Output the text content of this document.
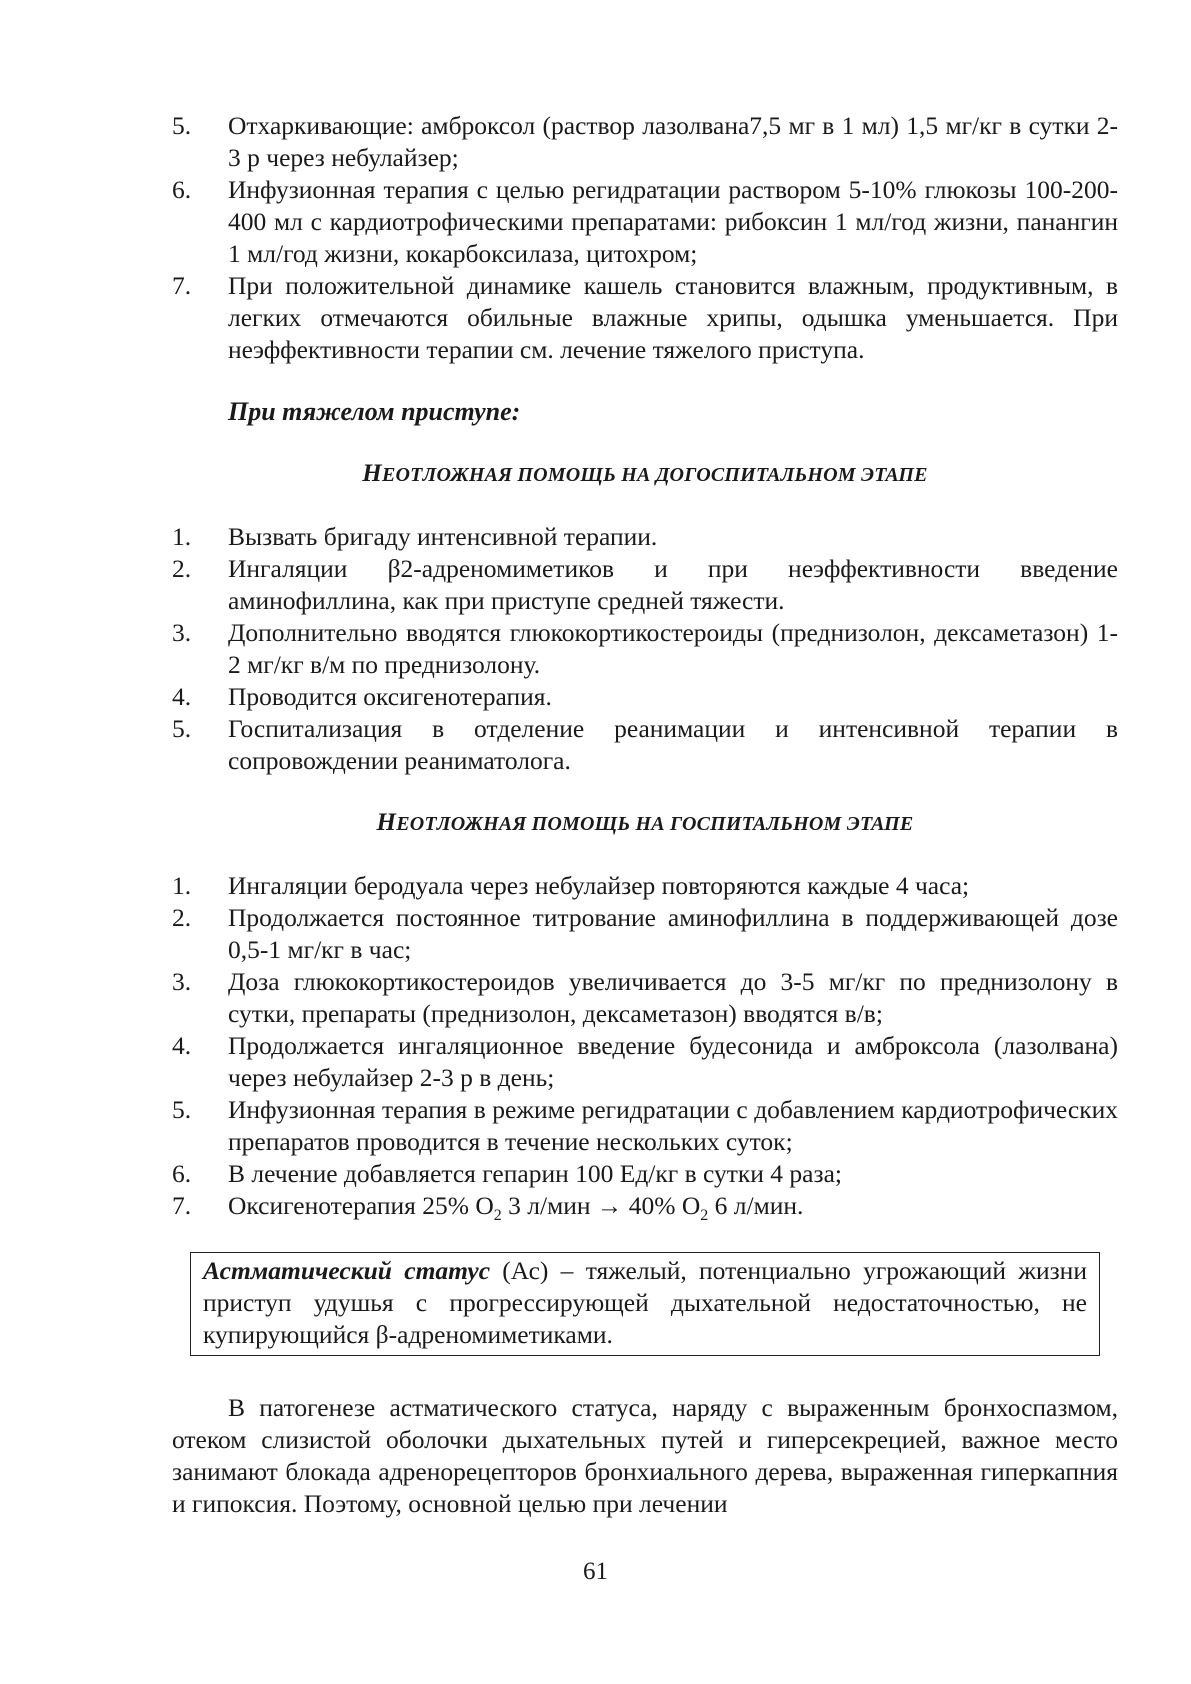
5. Отхаркивающие: амброксол (раствор лазолвана7,5 мг в 1 мл) 1,5 мг/кг в сутки 2-3 р через небулайзер;
6. Инфузионная терапия с целью регидратации раствором 5-10% глюкозы 100-200-400 мл с кардиотрофическими препаратами: рибоксин 1 мл/год жизни, панангин 1 мл/год жизни, кокарбоксилаза, цитохром;
7. При положительной динамике кашель становится влажным, продуктивным, в легких отмечаются обильные влажные хрипы, одышка уменьшается. При неэффективности терапии см. лечение тяжелого приступа.
При тяжелом приступе:
НЕОТЛОЖНАЯ ПОМОЩЬ НА ДОГОСПИТАЛЬНОМ ЭТАПЕ
1. Вызвать бригаду интенсивной терапии.
2. Ингаляции β2-адреномиметиков и при неэффективности введение аминофиллина, как при приступе средней тяжести.
3. Дополнительно вводятся глюкокортикостероиды (преднизолон, дексаметазон) 1-2 мг/кг в/м по преднизолону.
4. Проводится оксигенотерапия.
5. Госпитализация в отделение реанимации и интенсивной терапии в сопровождении реаниматолога.
НЕОТЛОЖНАЯ ПОМОЩЬ НА ГОСПИТАЛЬНОМ ЭТАПЕ
1. Ингаляции беродуала через небулайзер повторяются каждые 4 часа;
2. Продолжается постоянное титрование аминофиллина в поддерживающей дозе 0,5-1 мг/кг в час;
3. Доза глюкокортикостероидов увеличивается до 3-5 мг/кг по преднизолону в сутки, препараты (преднизолон, дексаметазон) вводятся в/в;
4. Продолжается ингаляционное введение будесонида и амброксола (лазолвана) через небулайзер 2-3 р в день;
5. Инфузионная терапия в режиме регидратации с добавлением кардиотрофических препаратов проводится в течение нескольких суток;
6. В лечение добавляется гепарин 100 Ед/кг в сутки 4 раза;
7. Оксигенотерапия 25% $O_2$ 3 л/мин → 40% $O_2$ 6 л/мин.
Астматический статус (Ас) – тяжелый, потенциально угрожающий жизни приступ удушья с прогрессирующей дыхательной недостаточностью, не купирующийся β-адреномиметиками.
В патогенезе астматического статуса, наряду с выраженным бронхоспазмом, отеком слизистой оболочки дыхательных путей и гиперсекрецией, важное место занимают блокада адренорецепторов бронхиального дерева, выраженная гиперкапния и гипоксия. Поэтому, основной целью при лечении
61
